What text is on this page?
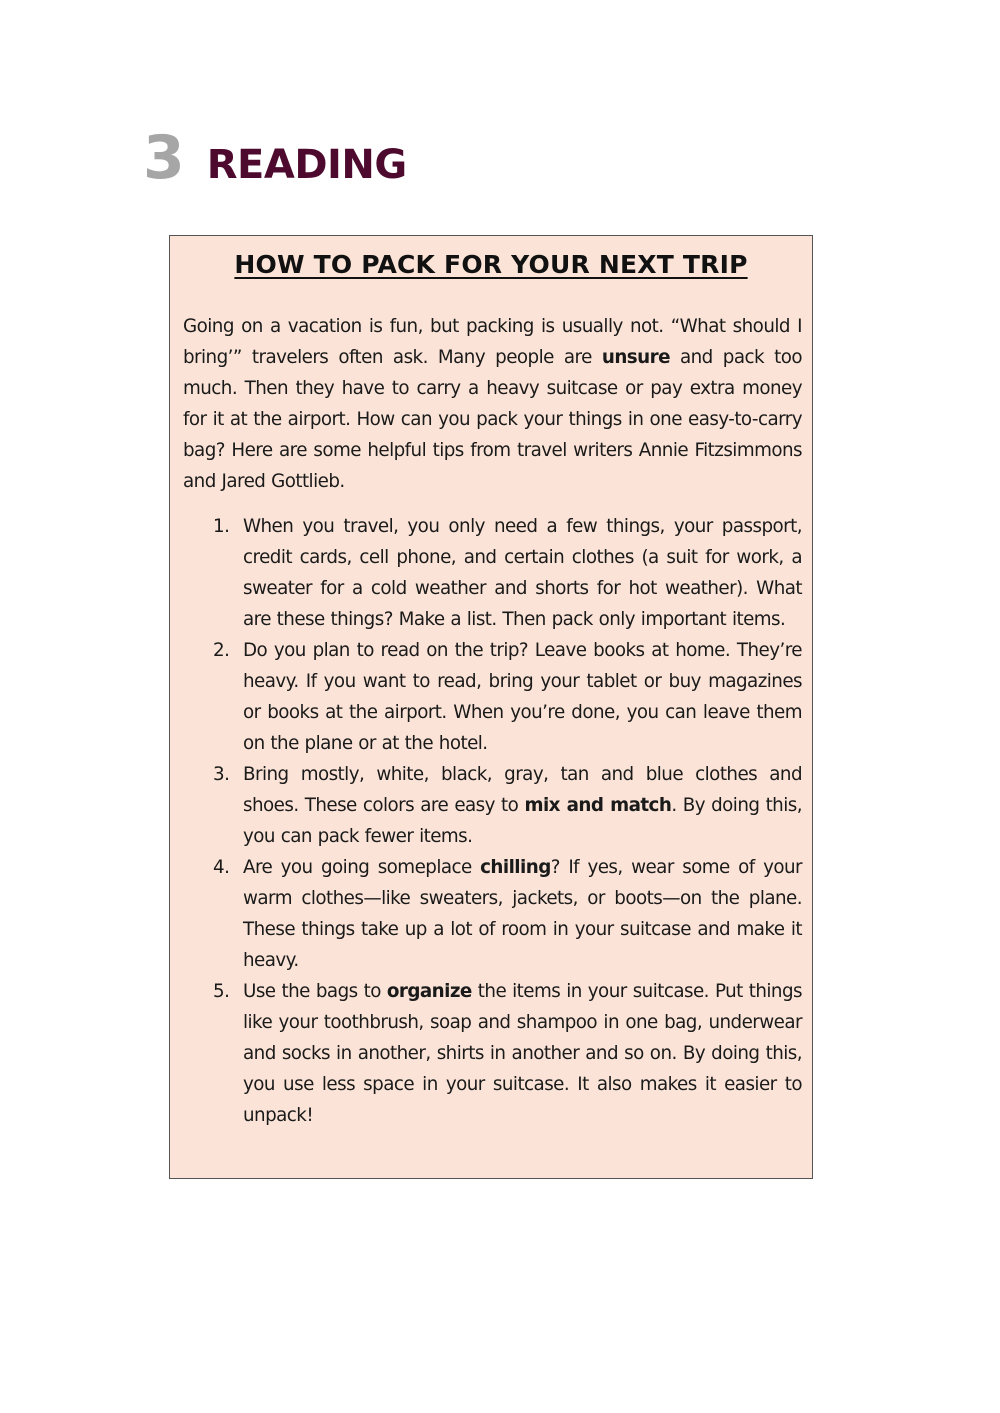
3 READING
HOW TO PACK FOR YOUR NEXT TRIP

Going on a vacation is fun, but packing is usually not. “What should I bring’” travelers often ask. Many people are unsure and pack too much. Then they have to carry a heavy suitcase or pay extra money for it at the airport. How can you pack your things in one easy-to-carry bag? Here are some helpful tips from travel writers Annie Fitzsimmons and Jared Gottlieb.

1. When you travel, you only need a few things, your passport, credit cards, cell phone, and certain clothes (a suit for work, a sweater for a cold weather and shorts for hot weather). What are these things? Make a list. Then pack only important items.
2. Do you plan to read on the trip? Leave books at home. They’re heavy. If you want to read, bring your tablet or buy magazines or books at the airport. When you’re done, you can leave them on the plane or at the hotel.
3. Bring mostly, white, black, gray, tan and blue clothes and shoes. These colors are easy to mix and match. By doing this, you can pack fewer items.
4. Are you going someplace chilling? If yes, wear some of your warm clothes—like sweaters, jackets, or boots—on the plane. These things take up a lot of room in your suitcase and make it heavy.
5. Use the bags to organize the items in your suitcase. Put things like your toothbrush, soap and shampoo in one bag, underwear and socks in another, shirts in another and so on. By doing this, you use less space in your suitcase. It also makes it easier to unpack!
